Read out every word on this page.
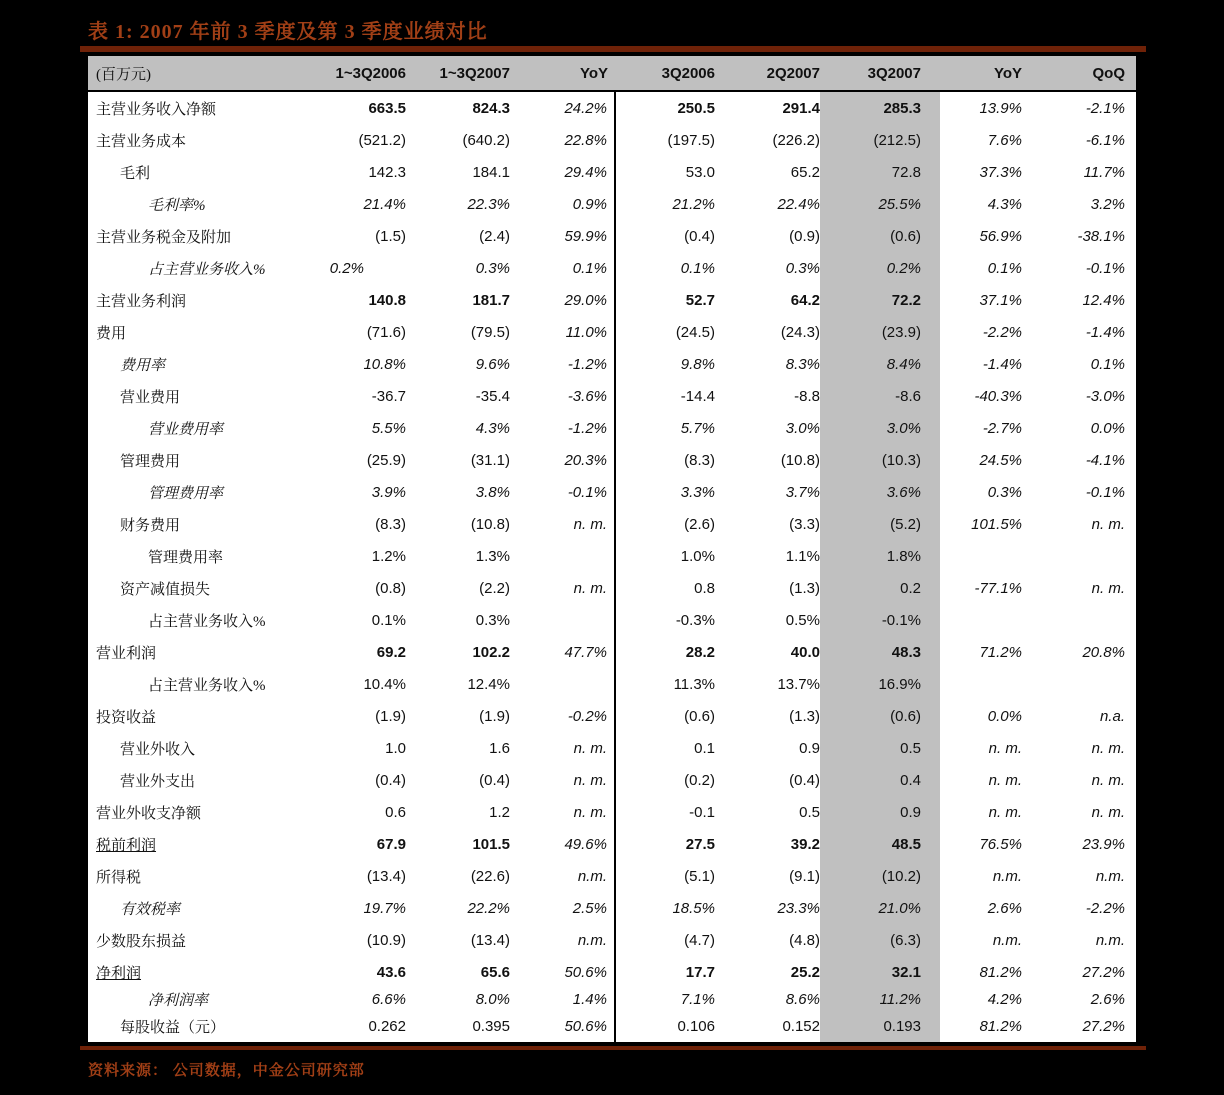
表 1: 2007 年前 3 季度及第 3 季度业绩对比
(百万元)	1~3Q2006	1~3Q2007	YoY	3Q2006	2Q2007	3Q2007	YoY	QoQ
主营业务收入净额	663.5	824.3	24.2%	250.5	291.4	285.3	13.9%	-2.1%
主营业务成本	(521.2)	(640.2)	22.8%	(197.5)	(226.2)	(212.5)	7.6%	-6.1%
毛利	142.3	184.1	29.4%	53.0	65.2	72.8	37.3%	11.7%
毛利率%	21.4%	22.3%	0.9%	21.2%	22.4%	25.5%	4.3%	3.2%
主营业务税金及附加	(1.5)	(2.4)	59.9%	(0.4)	(0.9)	(0.6)	56.9%	-38.1%
占主营业务收入%	0.2%	0.3%	0.1%	0.1%	0.3%	0.2%	0.1%	-0.1%
主营业务利润	140.8	181.7	29.0%	52.7	64.2	72.2	37.1%	12.4%
费用	(71.6)	(79.5)	11.0%	(24.5)	(24.3)	(23.9)	-2.2%	-1.4%
费用率	10.8%	9.6%	-1.2%	9.8%	8.3%	8.4%	-1.4%	0.1%
营业费用	-36.7	-35.4	-3.6%	-14.4	-8.8	-8.6	-40.3%	-3.0%
营业费用率	5.5%	4.3%	-1.2%	5.7%	3.0%	3.0%	-2.7%	0.0%
管理费用	(25.9)	(31.1)	20.3%	(8.3)	(10.8)	(10.3)	24.5%	-4.1%
管理费用率	3.9%	3.8%	-0.1%	3.3%	3.7%	3.6%	0.3%	-0.1%
财务费用	(8.3)	(10.8)	n. m.	(2.6)	(3.3)	(5.2)	101.5%	n. m.
管理费用率	1.2%	1.3%		1.0%	1.1%	1.8%		
资产减值损失	(0.8)	(2.2)	n. m.	0.8	(1.3)	0.2	-77.1%	n. m.
占主营业务收入%	0.1%	0.3%		-0.3%	0.5%	-0.1%		
营业利润	69.2	102.2	47.7%	28.2	40.0	48.3	71.2%	20.8%
占主营业务收入%	10.4%	12.4%		11.3%	13.7%	16.9%		
投资收益	(1.9)	(1.9)	-0.2%	(0.6)	(1.3)	(0.6)	0.0%	n.a.
营业外收入	1.0	1.6	n. m.	0.1	0.9	0.5	n. m.	n. m.
营业外支出	(0.4)	(0.4)	n. m.	(0.2)	(0.4)	0.4	n. m.	n. m.
营业外收支净额	0.6	1.2	n. m.	-0.1	0.5	0.9	n. m.	n. m.
税前利润	67.9	101.5	49.6%	27.5	39.2	48.5	76.5%	23.9%
所得税	(13.4)	(22.6)	n.m.	(5.1)	(9.1)	(10.2)	n.m.	n.m.
有效税率	19.7%	22.2%	2.5%	18.5%	23.3%	21.0%	2.6%	-2.2%
少数股东损益	(10.9)	(13.4)	n.m.	(4.7)	(4.8)	(6.3)	n.m.	n.m.
净利润	43.6	65.6	50.6%	17.7	25.2	32.1	81.2%	27.2%
净利润率	6.6%	8.0%	1.4%	7.1%	8.6%	11.2%	4.2%	2.6%
每股收益（元）	0.262	0.395	50.6%	0.106	0.152	0.193	81.2%	27.2%
资料来源： 公司数据，中金公司研究部
